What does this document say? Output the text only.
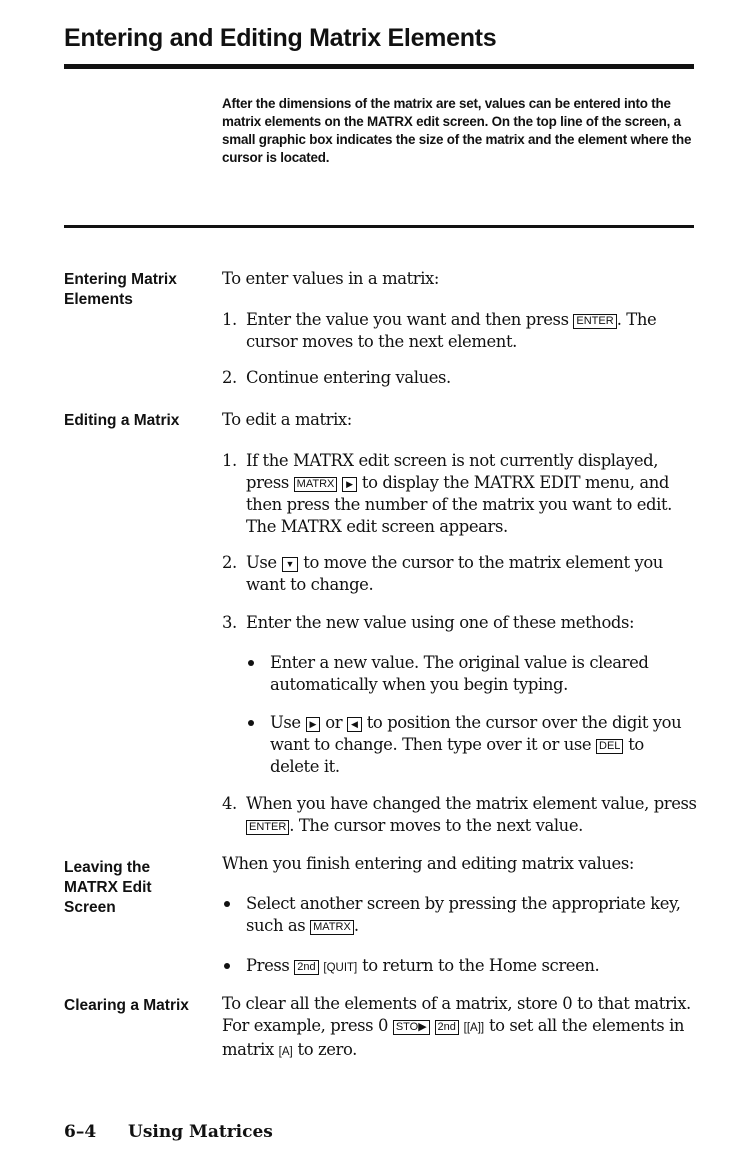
Entering and Editing Matrix Elements
After the dimensions of the matrix are set, values can be entered into the matrix elements on the MATRX edit screen. On the top line of the screen, a small graphic box indicates the size of the matrix and the element where the cursor is located.
Entering Matrix Elements
To enter values in a matrix:
1. Enter the value you want and then press ENTER . The cursor moves to the next element.
2. Continue entering values.
Editing a Matrix	To edit a matrix:
1. If the MATRX edit screen is not currently displayed, press MATRX ▶ to display the MATRX EDIT menu, and then press the number of the matrix you want to edit. The MATRX edit screen appears.
2. Use ▼ to move the cursor to the matrix element you want to change.
3. Enter the new value using one of these methods:
Enter a new value. The original value is cleared automatically when you begin typing.
Use ▶ or ◀ to position the cursor over the digit you want to change. Then type over it or use DEL to delete it.
4. When you have changed the matrix element value, press ENTER . The cursor moves to the next value.
Leaving the MATRX Edit Screen
When you finish entering and editing matrix values:
Select another screen by pressing the appropriate key, such as MATRX .
Press 2nd [QUIT] to return to the Home screen.
Clearing a Matrix	To clear all the elements of a matrix, store 0 to that matrix. For example, press 0 STO▶ 2nd [[A]] to set all the elements in matrix [A] to zero.
6–4 Using Matrices
